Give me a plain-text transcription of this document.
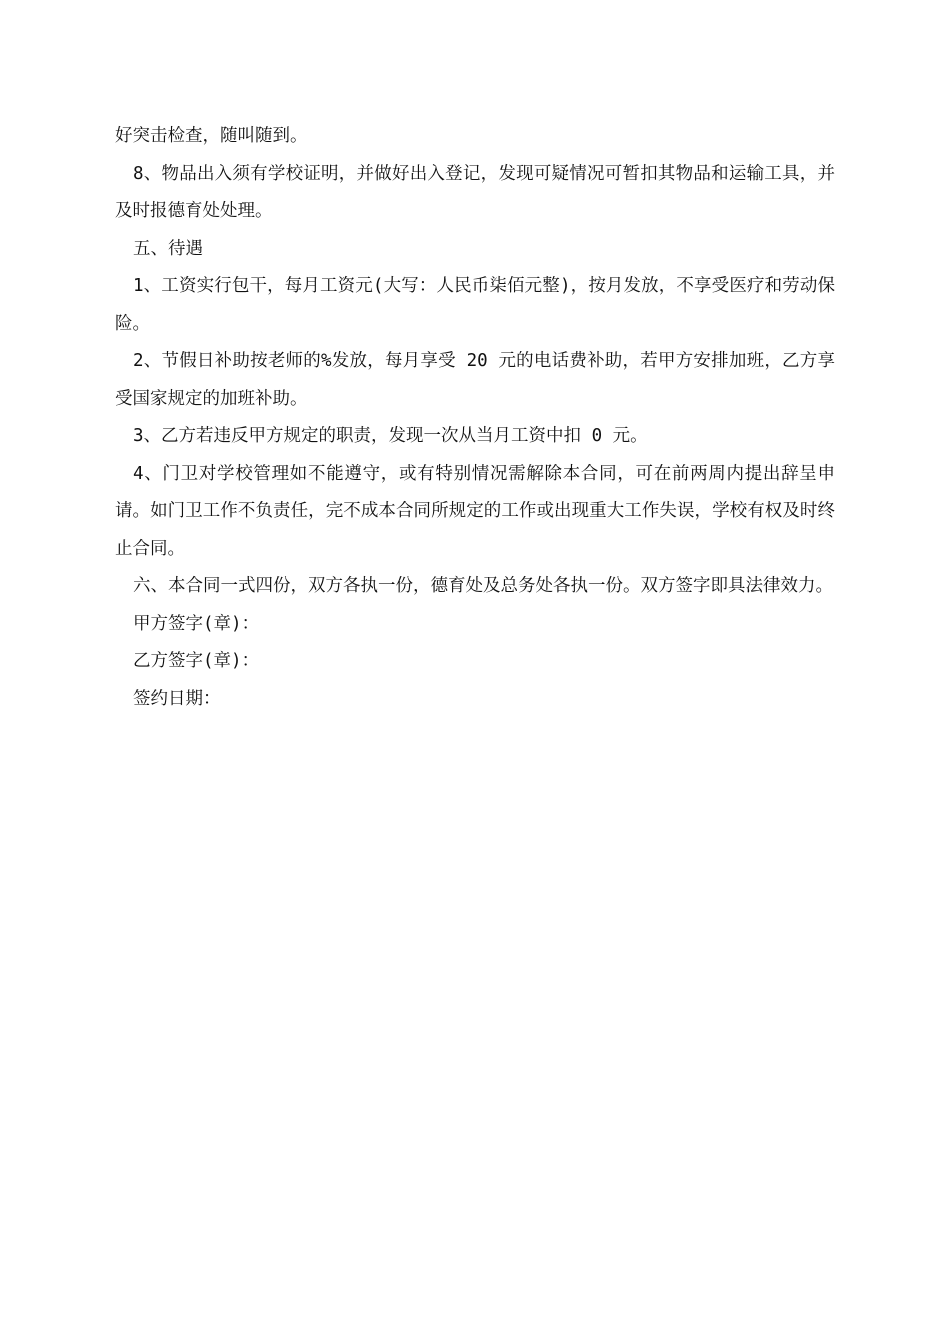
好突击检查，随叫随到。

8、物品出入须有学校证明，并做好出入登记，发现可疑情况可暂扣其物品和运输工具，并及时报德育处处理。

五、待遇

1、工资实行包干，每月工资元(大写：人民币柒佰元整)，按月发放，不享受医疗和劳动保险。

2、节假日补助按老师的%发放，每月享受 20 元的电话费补助，若甲方安排加班，乙方享受国家规定的加班补助。

3、乙方若违反甲方规定的职责，发现一次从当月工资中扣 0 元。

4、门卫对学校管理如不能遵守，或有特别情况需解除本合同，可在前两周内提出辞呈申请。如门卫工作不负责任，完不成本合同所规定的工作或出现重大工作失误，学校有权及时终止合同。

六、本合同一式四份，双方各执一份，德育处及总务处各执一份。双方签字即具法律效力。

甲方签字(章)：

乙方签字(章)：

签约日期：
